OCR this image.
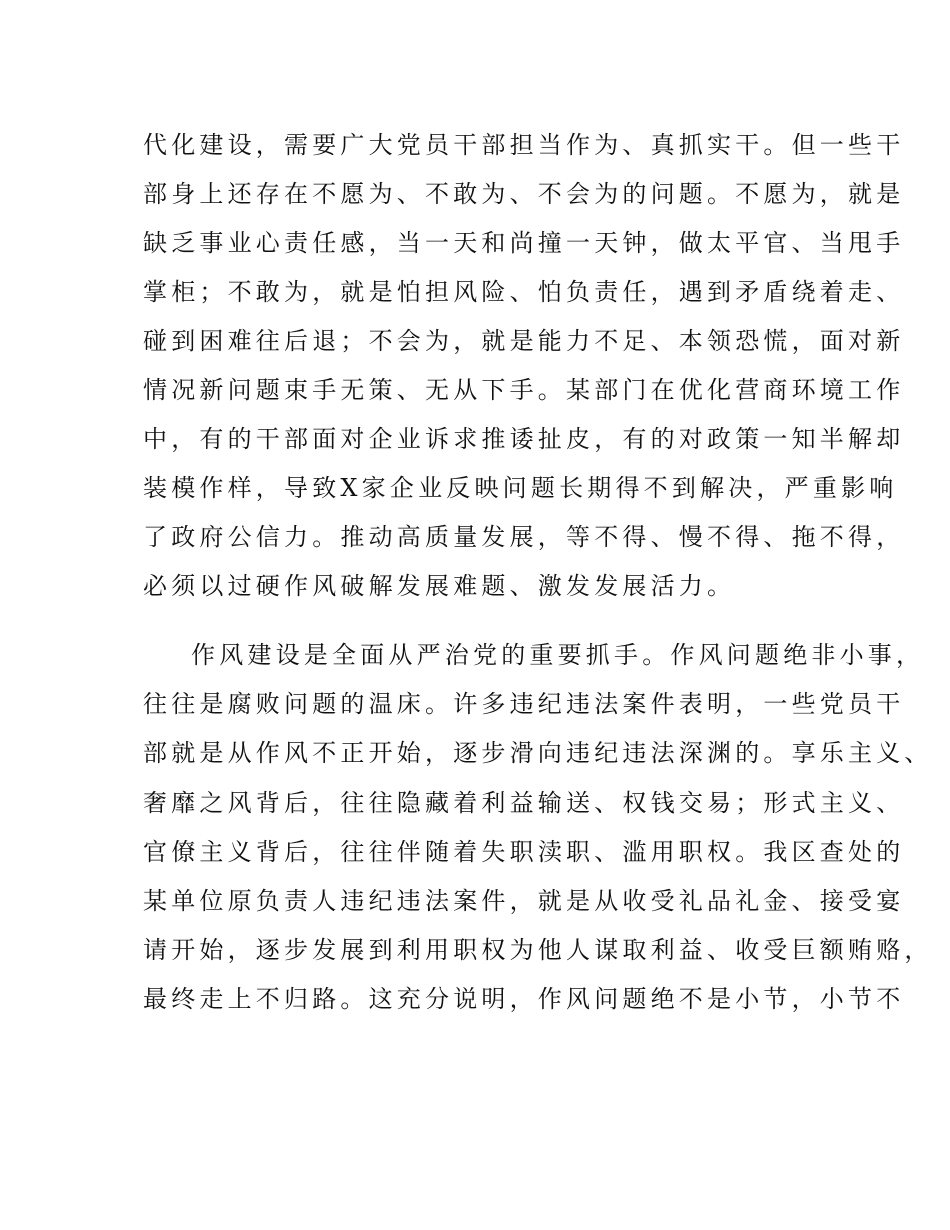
代化建设，需要广大党员干部担当作为、真抓实干。但一些干
部身上还存在不愿为、不敢为、不会为的问题。不愿为，就是
缺乏事业心责任感，当一天和尚撞一天钟，做太平官、当甩手
掌柜；不敢为，就是怕担风险、怕负责任，遇到矛盾绕着走、
碰到困难往后退；不会为，就是能力不足、本领恐慌，面对新
情况新问题束手无策、无从下手。某部门在优化营商环境工作
中，有的干部面对企业诉求推诿扯皮，有的对政策一知半解却
装模作样，导致X家企业反映问题长期得不到解决，严重影响
了政府公信力。推动高质量发展，等不得、慢不得、拖不得，
必须以过硬作风破解发展难题、激发发展活力。
作风建设是全面从严治党的重要抓手。作风问题绝非小事，
往往是腐败问题的温床。许多违纪违法案件表明，一些党员干
部就是从作风不正开始，逐步滑向违纪违法深渊的。享乐主义、
奢靡之风背后，往往隐藏着利益输送、权钱交易；形式主义、
官僚主义背后，往往伴随着失职渎职、滥用职权。我区查处的
某单位原负责人违纪违法案件，就是从收受礼品礼金、接受宴
请开始，逐步发展到利用职权为他人谋取利益、收受巨额贿赂，
最终走上不归路。这充分说明，作风问题绝不是小节，小节不
